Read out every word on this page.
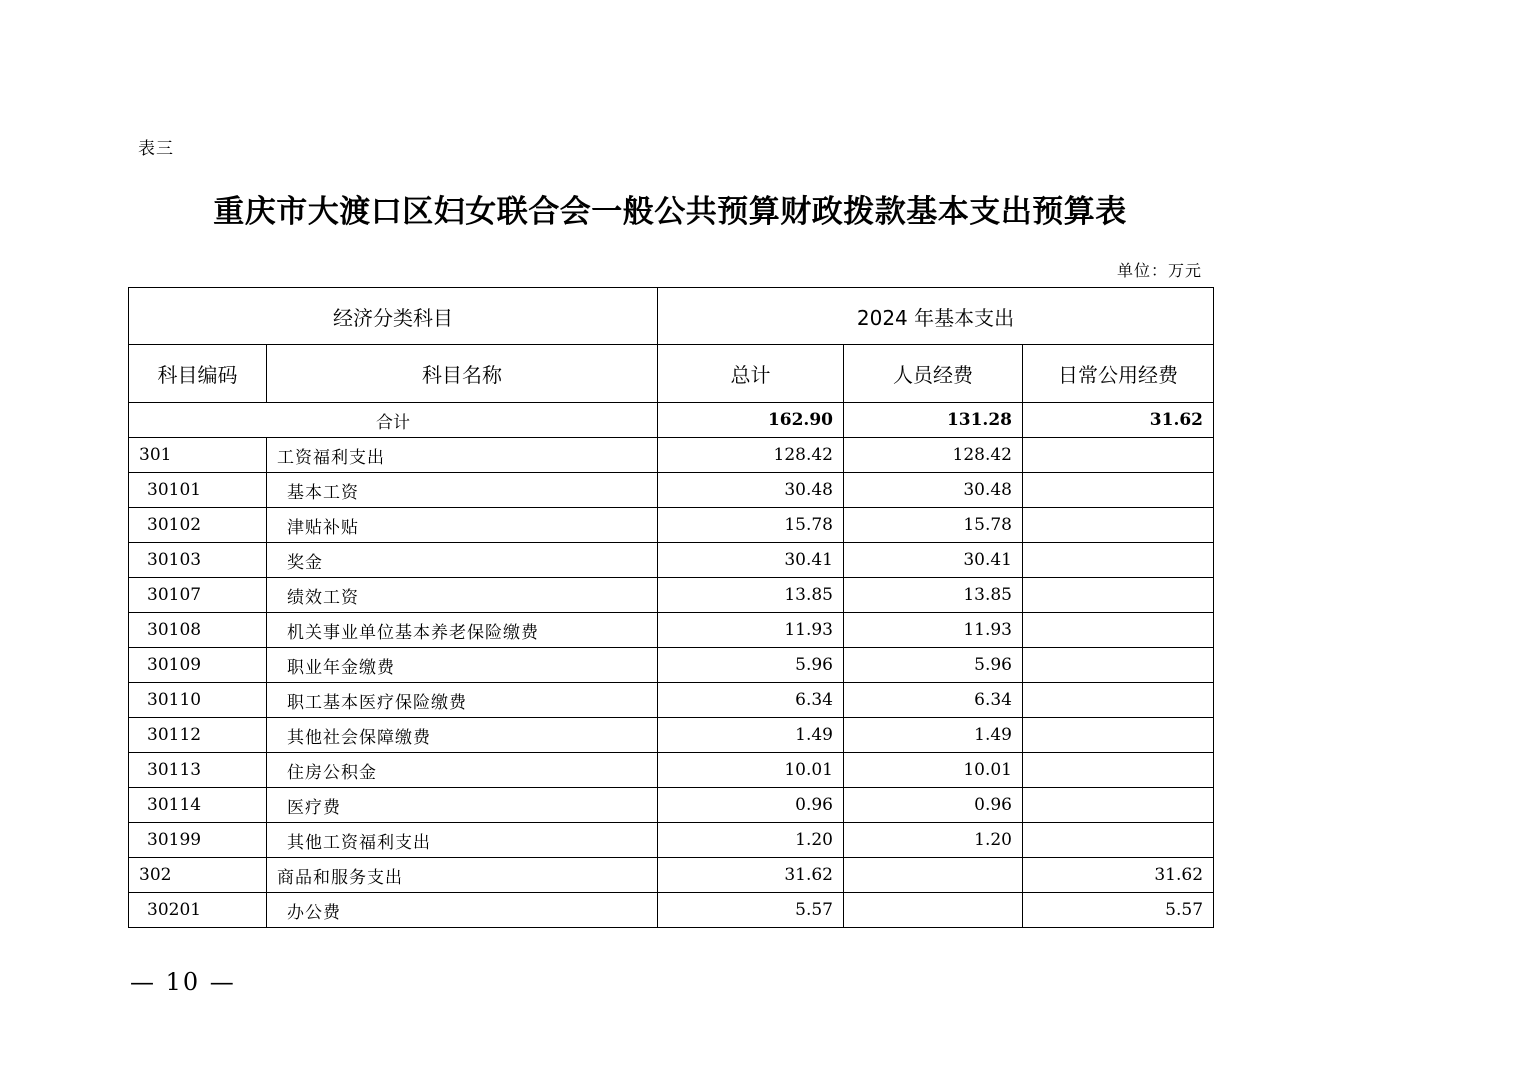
表三
重庆市大渡口区妇女联合会一般公共预算财政拨款基本支出预算表
单位：万元
经济分类科目		2024 年基本支出		
科目编码	科目名称	总计	人员经费	日常公用经费
合计		162.90	131.28	31.62
301	工资福利支出	128.42	128.42	
30101	基本工资	30.48	30.48	
30102	津贴补贴	15.78	15.78	
30103	奖金	30.41	30.41	
30107	绩效工资	13.85	13.85	
30108	机关事业单位基本养老保险缴费	11.93	11.93	
30109	职业年金缴费	5.96	5.96	
30110	职工基本医疗保险缴费	6.34	6.34	
30112	其他社会保障缴费	1.49	1.49	
30113	住房公积金	10.01	10.01	
30114	医疗费	0.96	0.96	
30199	其他工资福利支出	1.20	1.20	
302	商品和服务支出	31.62		31.62
30201	办公费	5.57		5.57
— 10 —
